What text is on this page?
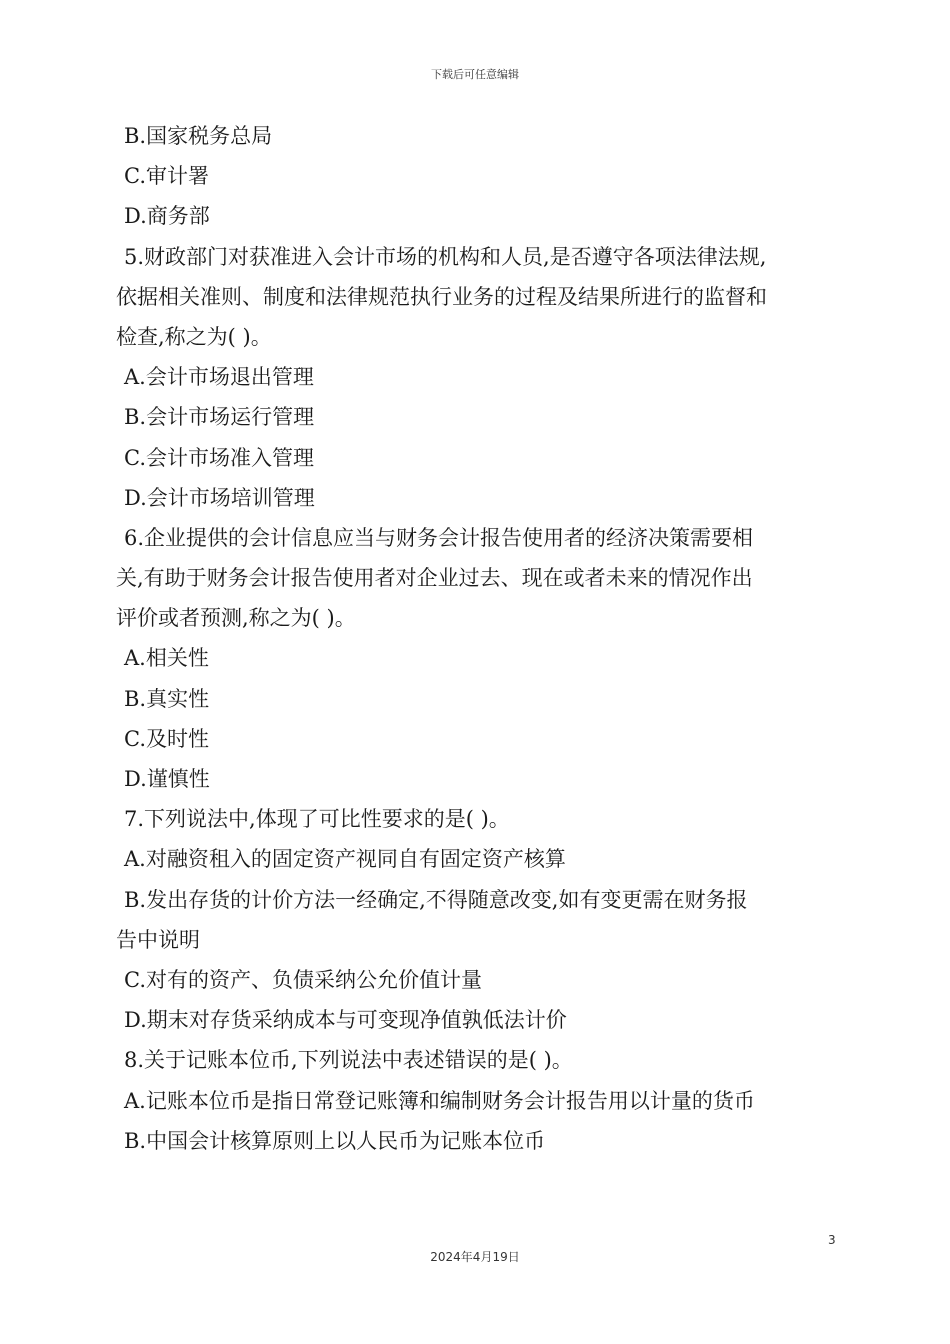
下载后可任意编辑
B.国家税务总局
C.审计署
D.商务部
5.财政部门对获准进入会计市场的机构和人员,是否遵守各项法律法规,
依据相关准则、制度和法律规范执行业务的过程及结果所进行的监督和
检查,称之为( )。
A.会计市场退出管理
B.会计市场运行管理
C.会计市场准入管理
D.会计市场培训管理
6.企业提供的会计信息应当与财务会计报告使用者的经济决策需要相
关,有助于财务会计报告使用者对企业过去、现在或者未来的情况作出
评价或者预测,称之为( )。
A.相关性
B.真实性
C.及时性
D.谨慎性
7.下列说法中,体现了可比性要求的是( )。
A.对融资租入的固定资产视同自有固定资产核算
B.发出存货的计价方法一经确定,不得随意改变,如有变更需在财务报
告中说明
C.对有的资产、负债采纳公允价值计量
D.期末对存货采纳成本与可变现净值孰低法计价
8.关于记账本位币,下列说法中表述错误的是( )。
A.记账本位币是指日常登记账簿和编制财务会计报告用以计量的货币
B.中国会计核算原则上以人民币为记账本位币
3
2024年4月19日
